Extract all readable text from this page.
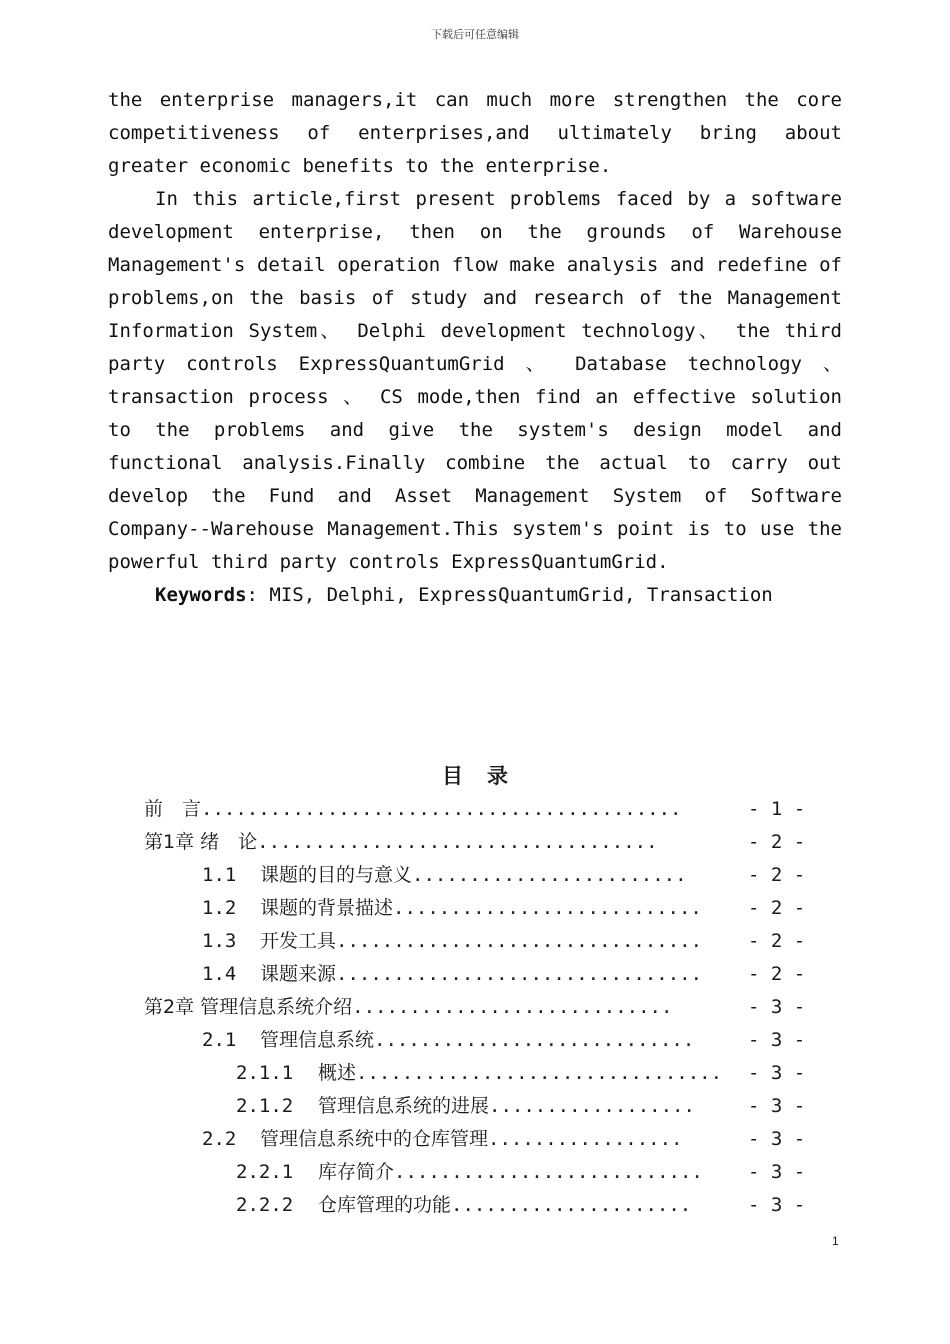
下载后可任意编辑

the enterprise managers,it can much more strengthen the core competitiveness of enterprises,and ultimately bring about greater economic benefits to the enterprise.

In this article,first present problems faced by a software development enterprise, then on the grounds of Warehouse Management's detail operation flow make analysis and redefine of problems,on the basis of study and research of the Management Information System、 Delphi development technology、 the third party controls ExpressQuantumGrid 、 Database technology 、 transaction process 、 CS mode,then find an effective solution to the problems and give the system's design model and functional analysis.Finally combine the actual to carry out develop the Fund and Asset Management System of Software Company--Warehouse Management.This system's point is to use the powerful third party controls ExpressQuantumGrid.

Keywords: MIS, Delphi, ExpressQuantumGrid, Transaction

目录
前　言 ..........................................	- 1 -
第1章 绪　论 ...................................	- 2 -
1.1	课题的目的与意义 ........................	- 2 -
1.2	课题的背景描述 ........................... - 2 -
1.3	开发工具 ................................ - 2 -
1.4	课题来源 ................................ - 2 -
第2章 管理信息系统介绍 ............................	- 3 -
2.1	管理信息系统 ............................	- 3 -
2.1.1	概述 ................................ - 3 -
2.1.2	管理信息系统的进展 ..................	- 3 -
2.2	管理信息系统中的仓库管理 .................	- 3 -
2.2.1	库存简介 ........................... - 3 -
2.2.2	仓库管理的功能 .....................	- 3 -
1
